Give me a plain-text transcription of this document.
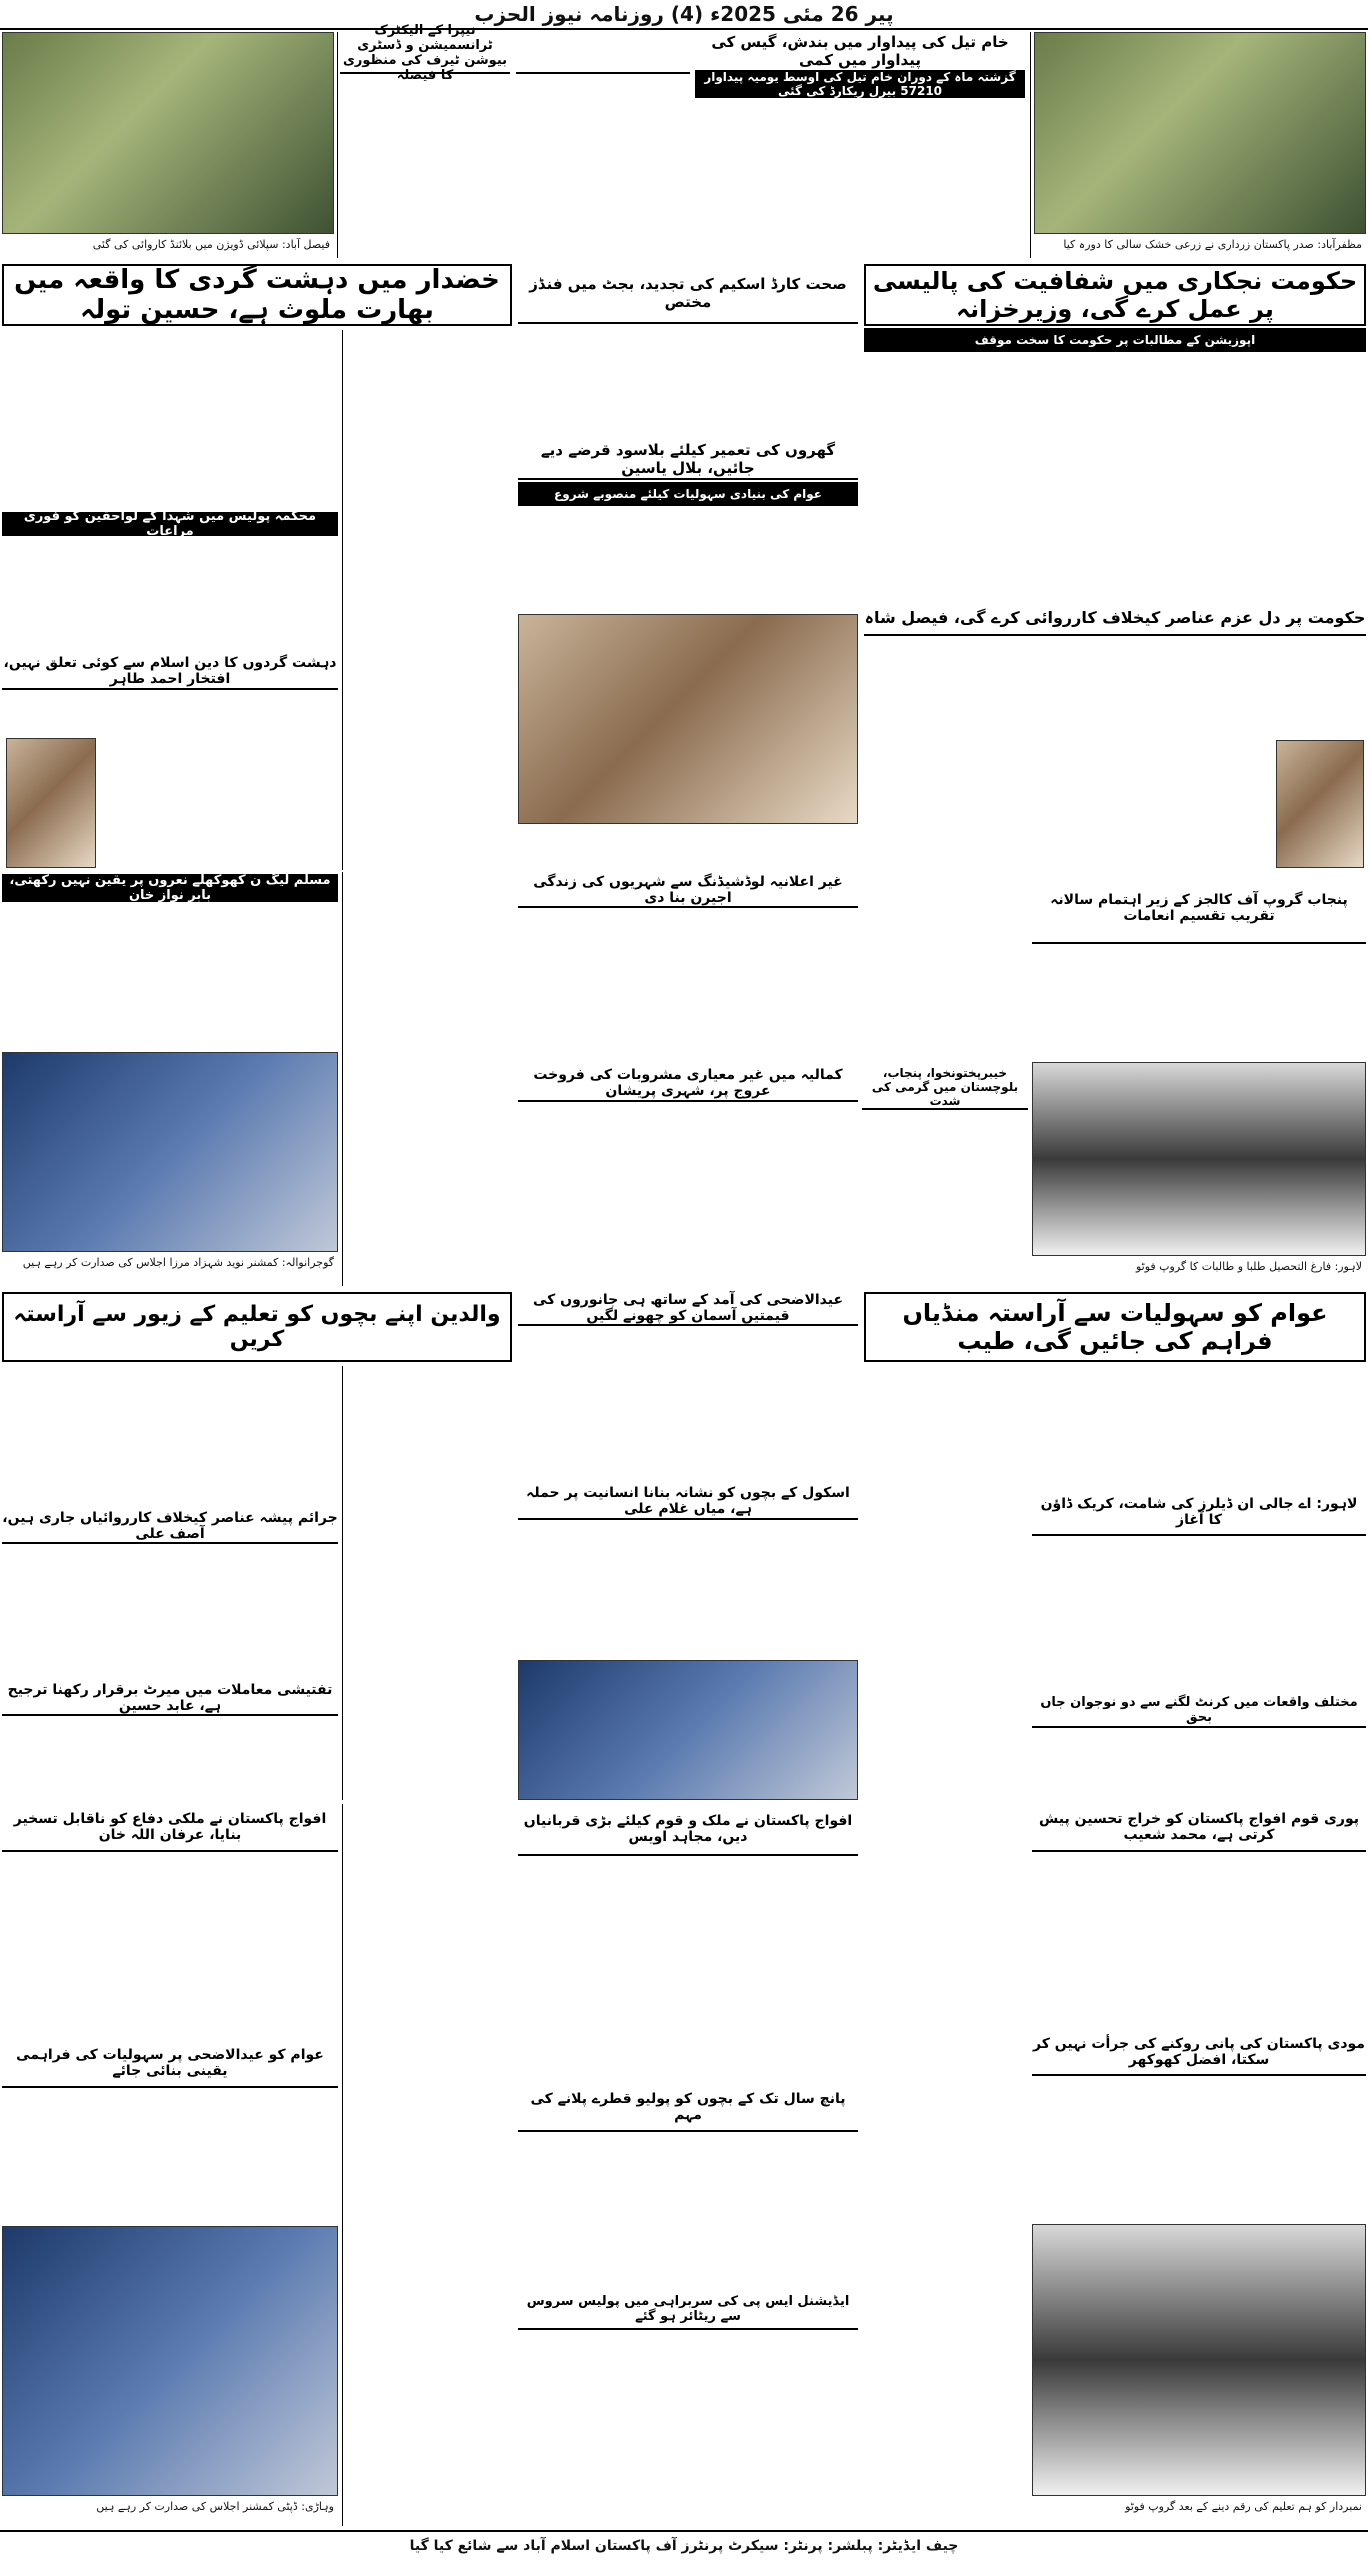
پیر 26 مئی 2025ء (4) روزنامہ نیوز الحزب
فیصل آباد: سپلائی ڈویژن میں بلائنڈ کاروائی کی گئی
نیپرا کے الیکٹرک ٹرانسمیشن و ڈسٹری بیوشن ٹیرف کی منظوری کا فیصلہ
خام تیل کی پیداوار میں بندش، گیس کی پیداوار میں کمی
گزشتہ ماہ کے دوران خام تیل کی اوسط یومیہ پیداوار 57210 بیرل ریکارڈ کی گئی
مظفرآباد: صدر پاکستان زرداری نے زرعی خشک سالی کا دورہ کیا
خضدار میں دہشت گردی کا واقعہ میں بھارت ملوث ہے، حسین تولہ
صحت کارڈ اسکیم کی تجدید، بجٹ میں فنڈز مختص
حکومت نجکاری میں شفافیت کی پالیسی پر عمل کرے گی، وزیرخزانہ
اپوزیشن کے مطالبات پر حکومت کا سخت موقف
محکمہ پولیس میں شہدا کے لواحقین کو فوری مراعات
دہشت گردوں کا دین اسلام سے کوئی تعلق نہیں، افتخار احمد طاہر
گھروں کی تعمیر کیلئے بلاسود قرضے دیے جائیں، بلال یاسین
عوام کی بنیادی سہولیات کیلئے منصوبے شروع
حکومت پر دل عزم عناصر کیخلاف کارروائی کرے گی، فیصل شاہ
مسلم لیگ ن کھوکھلے نعروں پر یقین نہیں رکھتی، بابر نواز خان
گوجرانوالہ: کمشنر نوید شہزاد مرزا اجلاس کی صدارت کر رہے ہیں
غیر اعلانیہ لوڈشیڈنگ سے شہریوں کی زندگی اجیرن بنا دی
کمالیہ میں غیر معیاری مشروبات کی فروخت عروج پر، شہری پریشان
پنجاب گروپ آف کالجز کے زیر اہتمام سالانہ تقریب تقسیم انعامات
لاہور: فارغ التحصیل طلبا و طالبات کا گروپ فوٹو
خیبرپختونخوا، پنجاب، بلوچستان میں گرمی کی شدت
والدین اپنے بچوں کو تعلیم کے زیور سے آراستہ کریں
عیدالاضحی کی آمد کے ساتھ ہی جانوروں کی قیمتیں آسمان کو چھونے لگیں	عوام کو سہولیات سے آراستہ منڈیاں فراہم کی جائیں گی، طیب
جرائم پیشہ عناصر کیخلاف کارروائیاں جاری ہیں، آصف علی
تفتیشی معاملات میں میرٹ برقرار رکھنا ترجیح ہے، عابد حسین
اسکول کے بچوں کو نشانہ بنانا انسانیت پر حملہ ہے، میاں غلام علی	لاہور: اے جالی ان ڈیلرز کی شامت، کریک ڈاؤن کا آغاز
مختلف واقعات میں کرنٹ لگنے سے دو نوجوان جاں بحق
افواج پاکستان نے ملکی دفاع کو ناقابل تسخیر بنایا، عرفان اللہ خان
عوام کو عیدالاضحی پر سہولیات کی فراہمی یقینی بنائی جائے
وہاڑی: ڈپٹی کمشنر اجلاس کی صدارت کر رہے ہیں
افواج پاکستان نے ملک و قوم کیلئے بڑی قربانیاں دیں، مجاہد اویس
پانچ سال تک کے بچوں کو پولیو قطرے پلانے کی مہم
ایڈیشنل ایس پی کی سربراہی میں پولیس سروس سے ریٹائر ہو گئے
پوری قوم افواج پاکستان کو خراج تحسین پیش کرتی ہے، محمد شعیب
مودی پاکستان کی پانی روکنے کی جرأت نہیں کر سکتا، افضل کھوکھر
نمبردار کو ہم تعلیم کی رقم دینے کے بعد گروپ فوٹو
چیف ایڈیٹر: پبلشر: پرنٹر: سیکرٹ پرنٹرز آف پاکستان اسلام آباد سے شائع کیا گیا
